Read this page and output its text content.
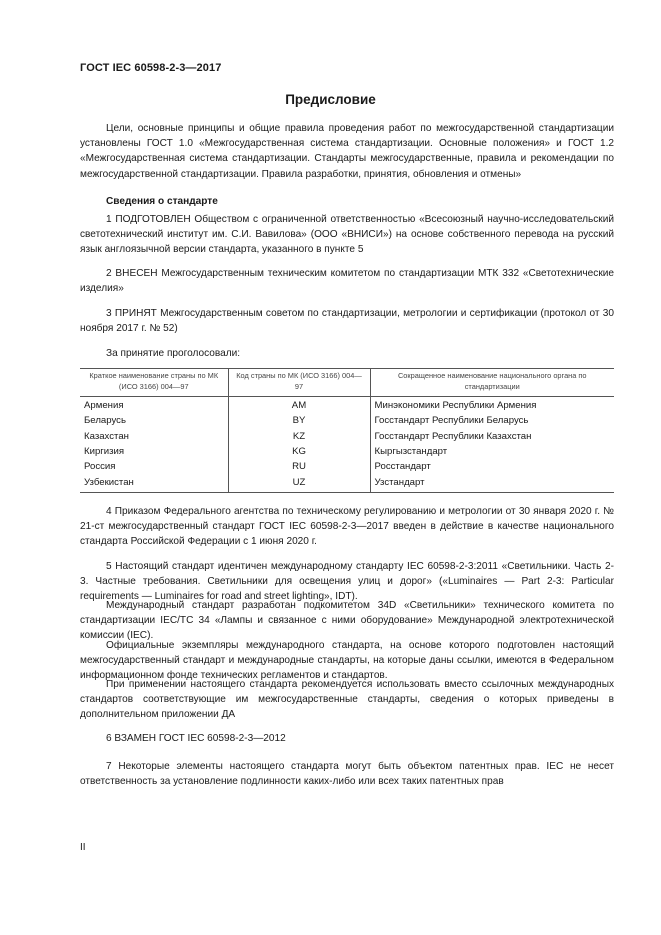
ГОСТ IEC 60598-2-3—2017
Предисловие

Цели, основные принципы и общие правила проведения работ по межгосударственной стандартизации установлены ГОСТ 1.0 «Межгосударственная система стандартизации. Основные положения» и ГОСТ 1.2 «Межгосударственная система стандартизации. Стандарты межгосударственные, правила и рекомендации по межгосударственной стандартизации. Правила разработки, принятия, обновления и отмены»

Сведения о стандарте

1 ПОДГОТОВЛЕН Обществом с ограниченной ответственностью «Всесоюзный научно-исследовательский светотехнический институт им. С.И. Вавилова» (ООО «ВНИСИ») на основе собственного перевода на русский язык англоязычной версии стандарта, указанного в пункте 5

2 ВНЕСЕН Межгосударственным техническим комитетом по стандартизации МТК 332 «Светотехнические изделия»

3 ПРИНЯТ Межгосударственным советом по стандартизации, метрологии и сертификации (протокол от 30 ноября 2017 г. № 52)

За принятие проголосовали:

Краткое наименование страны по МК (ИСО 3166) 004—97	Код страны по МК (ИСО 3166) 004—97	Сокращенное наименование национального органа по стандартизации
Армения	AM	Минэкономики Республики Армения
Беларусь	BY	Госстандарт Республики Беларусь
Казахстан	KZ	Госстандарт Республики Казахстан
Киргизия	KG	Кыргызстандарт
Россия	RU	Росстандарт
Узбекистан	UZ	Узстандарт

4 Приказом Федерального агентства по техническому регулированию и метрологии от 30 января 2020 г. № 21-ст межгосударственный стандарт ГОСТ IEC 60598-2-3—2017 введен в действие в качестве национального стандарта Российской Федерации с 1 июня 2020 г.

5 Настоящий стандарт идентичен международному стандарту IEC 60598-2-3:2011 «Светильники. Часть 2-3. Частные требования. Светильники для освещения улиц и дорог» («Luminaires — Part 2-3: Particular requirements — Luminaires for road and street lighting», IDT).

Международный стандарт разработан подкомитетом 34D «Светильники» технического комитета по стандартизации IEC/TC 34 «Лампы и связанное с ними оборудование» Международной электротехнической комиссии (IEC).

Официальные экземпляры международного стандарта, на основе которого подготовлен настоящий межгосударственный стандарт и международные стандарты, на которые даны ссылки, имеются в Федеральном информационном фонде технических регламентов и стандартов.

При применении настоящего стандарта рекомендуется использовать вместо ссылочных международных стандартов соответствующие им межгосударственные стандарты, сведения о которых приведены в дополнительном приложении ДА

6 ВЗАМЕН ГОСТ IEC 60598-2-3—2012

7 Некоторые элементы настоящего стандарта могут быть объектом патентных прав. IEC не несет ответственность за установление подлинности каких-либо или всех таких патентных прав

II
